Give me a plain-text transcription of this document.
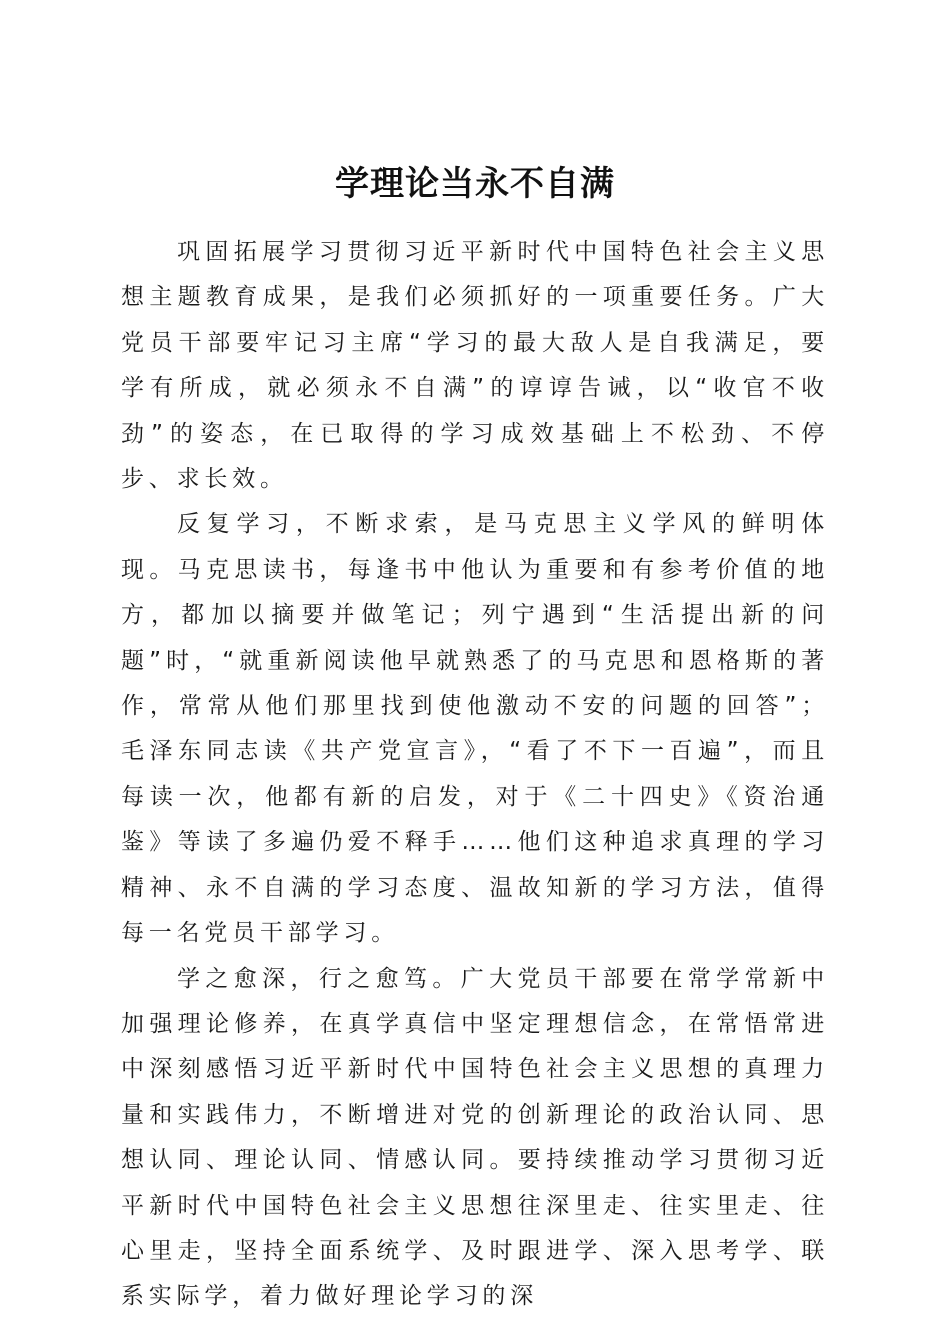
学理论当永不自满

巩固拓展学习贯彻习近平新时代中国特色社会主义思想主题教育成果，是我们必须抓好的一项重要任务。广大党员干部要牢记习主席“学习的最大敌人是自我满足，要学有所成，就必须永不自满”的谆谆告诫，以“收官不收劲”的姿态，在已取得的学习成效基础上不松劲、不停步、求长效。

反复学习，不断求索，是马克思主义学风的鲜明体现。马克思读书，每逢书中他认为重要和有参考价值的地方，都加以摘要并做笔记；列宁遇到“生活提出新的问题”时，“就重新阅读他早就熟悉了的马克思和恩格斯的著作，常常从他们那里找到使他激动不安的问题的回答”；毛泽东同志读《共产党宣言》，“看了不下一百遍”，而且每读一次，他都有新的启发，对于《二十四史》《资治通鉴》等读了多遍仍爱不释手……他们这种追求真理的学习精神、永不自满的学习态度、温故知新的学习方法，值得每一名党员干部学习。

学之愈深，行之愈笃。广大党员干部要在常学常新中加强理论修养，在真学真信中坚定理想信念，在常悟常进中深刻感悟习近平新时代中国特色社会主义思想的真理力量和实践伟力，不断增进对党的创新理论的政治认同、思想认同、理论认同、情感认同。要持续推动学习贯彻习近平新时代中国特色社会主义思想往深里走、往实里走、往心里走，坚持全面系统学、及时跟进学、深入思考学、联系实际学，着力做好理论学习的深
